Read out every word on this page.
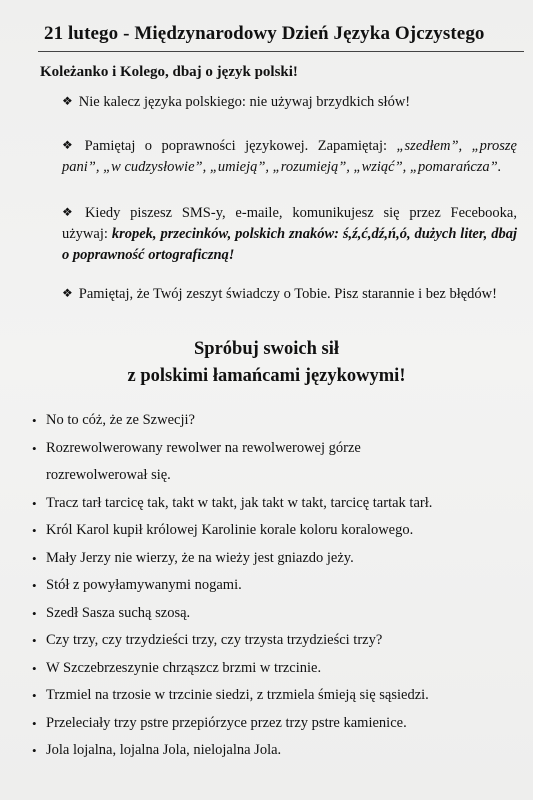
21 lutego - Międzynarodowy Dzień Języka Ojczystego
Koleżanko i Kolego, dbaj o język polski!
❖ Nie kalecz języka polskiego: nie używaj brzydkich słów!
❖ Pamiętaj o poprawności językowej. Zapamiętaj: „szedłem”, „proszę pani”, „w cudzysłowie”, „umieją”, „rozumieją”, „wziąć”, „pomarańcza”.
❖ Kiedy piszesz SMS-y, e-maile, komunikujesz się przez Fecebooka, używaj: kropek, przecinków, polskich znaków: ś,ź,ć,dź,ń,ó, dużych liter, dbaj o poprawność ortograficzną!
❖ Pamiętaj, że Twój zeszyt świadczy o Tobie. Pisz starannie i bez błędów!
Spróbuj swoich sił
z polskimi łamańcami językowymi!
• No to cóż, że ze Szwecji?
• Rozrewolwerowany rewolwer na rewolwerowej górze
rozrewolwerował się.
• Tracz tarł tarcicę tak, takt w takt, jak takt w takt, tarcicę tartak tarł.
• Król Karol kupił królowej Karolinie korale koloru koralowego.
• Mały Jerzy nie wierzy, że na wieży jest gniazdo jeży.
• Stół z powyłamywanymi nogami.
• Szedł Sasza suchą szosą.
• Czy trzy, czy trzydzieści trzy, czy trzysta trzydzieści trzy?
• W Szczebrzeszynie chrząszcz brzmi w trzcinie.
• Trzmiel na trzosie w trzcinie siedzi, z trzmiela śmieją się sąsiedzi.
• Przeleciały trzy pstre przepiórzyce przez trzy pstre kamienice.
• Jola lojalna, lojalna Jola, nielojalna Jola.
